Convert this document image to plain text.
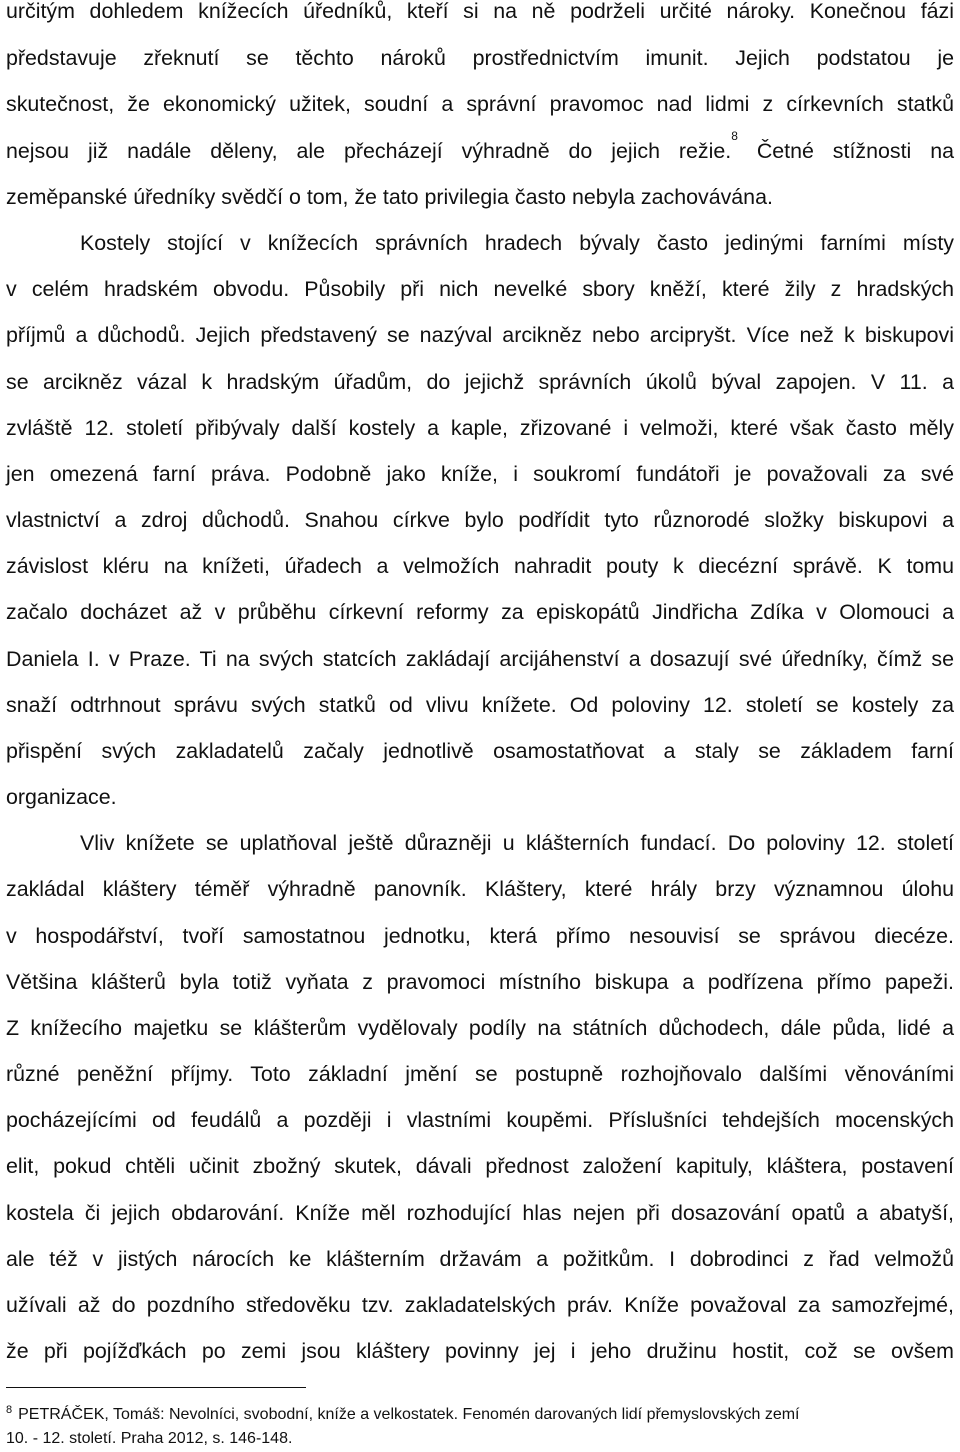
určitým dohledem knížecích úředníků, kteří si na ně podrželi určité nároky. Konečnou fázi
představuje zřeknutí se těchto nároků prostřednictvím imunit. Jejich podstatou je
skutečnost, že ekonomický užitek, soudní a správní pravomoc nad lidmi z církevních statků
nejsou již nadále děleny, ale přecházejí výhradně do jejich režie.$^8$ Četné stížnosti na
zeměpanské úředníky svědčí o tom, že tato privilegia často nebyla zachovávána.
Kostely stojící v knížecích správních hradech bývaly často jedinými farními místy
v celém hradském obvodu. Působily při nich nevelké sbory kněží, které žily z hradských
příjmů a důchodů. Jejich představený se nazýval arcikněz nebo arcipryšt. Více než k biskupovi
se arcikněz vázal k hradským úřadům, do jejichž správních úkolů býval zapojen. V 11. a
zvláště 12. století přibývaly další kostely a kaple, zřizované i velmoži, které však často měly
jen omezená farní práva. Podobně jako kníže, i soukromí fundátoři je považovali za své
vlastnictví a zdroj důchodů. Snahou církve bylo podřídit tyto různorodé složky biskupovi a
závislost kléru na knížeti, úřadech a velmožích nahradit pouty k diecézní správě. K tomu
začalo docházet až v průběhu církevní reformy za episkopátů Jindřicha Zdíka v Olomouci a
Daniela I. v Praze. Ti na svých statcích zakládají arcijáhenství a dosazují své úředníky, čímž se
snaží odtrhnout správu svých statků od vlivu knížete. Od poloviny 12. století se kostely za
přispění svých zakladatelů začaly jednotlivě osamostatňovat a staly se základem farní
organizace.
Vliv knížete se uplatňoval ještě důrazněji u klášterních fundací. Do poloviny 12. století
zakládal kláštery téměř výhradně panovník. Kláštery, které hrály brzy významnou úlohu
v hospodářství, tvoří samostatnou jednotku, která přímo nesouvisí se správou diecéze.
Většina klášterů byla totiž vyňata z pravomoci místního biskupa a podřízena přímo papeži.
Z knížecího majetku se klášterům vydělovaly podíly na státních důchodech, dále půda, lidé a
různé peněžní příjmy. Toto základní jmění se postupně rozhojňovalo dalšími věnováními
pocházejícími od feudálů a později i vlastními koupěmi. Příslušníci tehdejších mocenských
elit, pokud chtěli učinit zbožný skutek, dávali přednost založení kapituly, kláštera, postavení
kostela či jejich obdarování. Kníže měl rozhodující hlas nejen při dosazování opatů a abatyší,
ale též v jistých nárocích ke klášterním državám a požitkům. I dobrodinci z řad velmožů
užívali až do pozdního středověku tzv. zakladatelských práv. Kníže považoval za samozřejmé,
že při pojížďkách po zemi jsou kláštery povinny jej i jeho družinu hostit, což se ovšem
$^8$ PETRÁČEK, Tomáš: Nevolníci, svobodní, kníže a velkostatek. Fenomén darovaných lidí přemyslovských zemí
10. - 12. století. Praha 2012, s. 146-148.
